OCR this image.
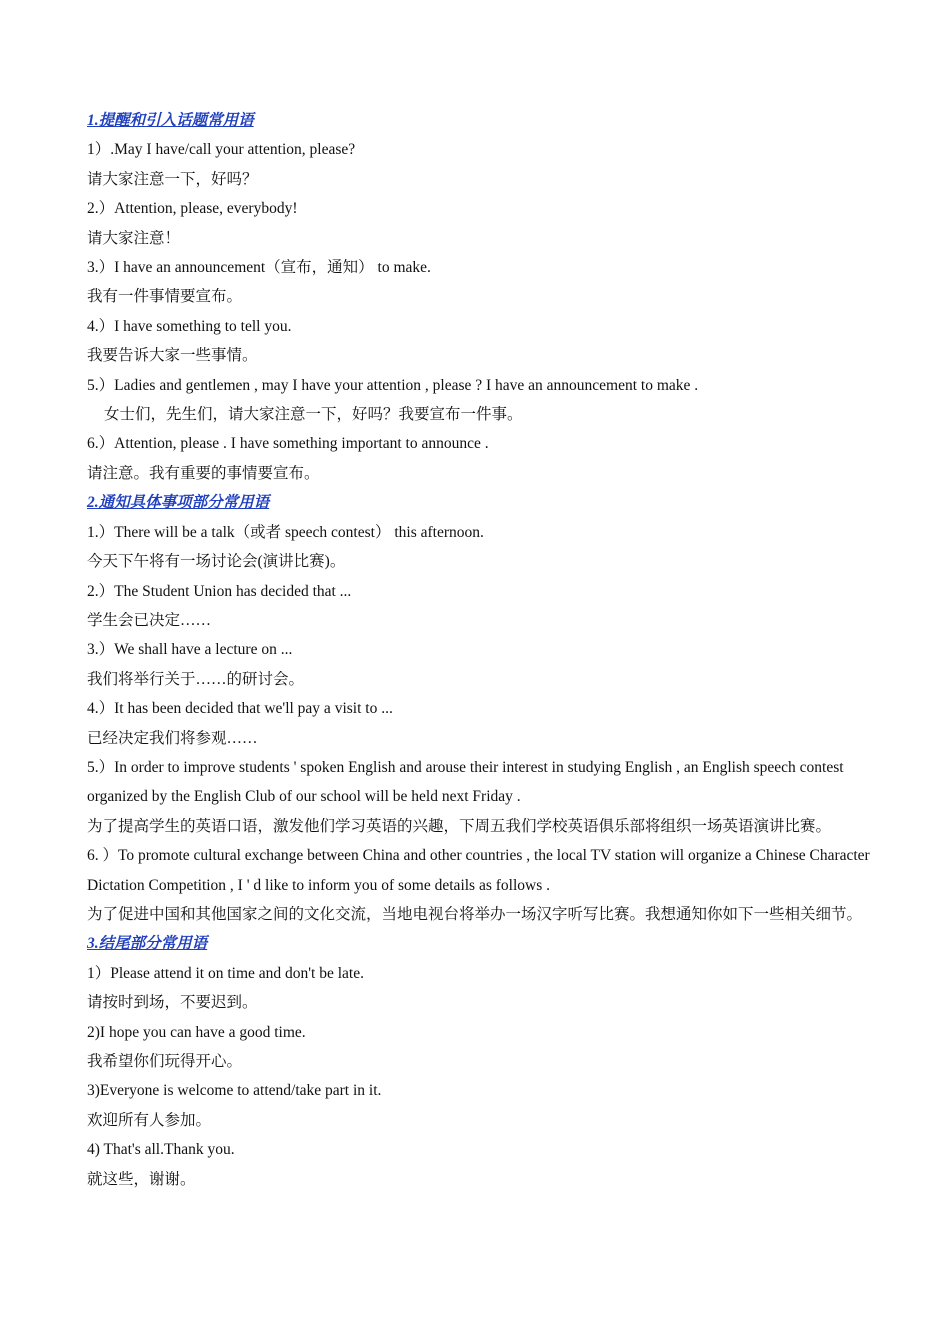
1.提醒和引入话题常用语
1）.May I have/call your attention, please?
请大家注意一下，好吗？
2.）Attention, please, everybody!
请大家注意！
3.）I have an announcement（宣布，通知） to make.
我有一件事情要宣布。
4.）I have something to tell you.
我要告诉大家一些事情。
5.）Ladies and gentlemen , may I have your attention , please ? I have an announcement to make .
女士们，先生们，请大家注意一下，好吗？我要宣布一件事。
6.）Attention, please . I have something important to announce .
请注意。我有重要的事情要宣布。
2.通知具体事项部分常用语
1.）There will be a talk（或者 speech contest） this afternoon.
今天下午将有一场讨论会(演讲比赛)。
2.）The Student Union has decided that ...
学生会已决定……
3.）We shall have a lecture on ...
我们将举行关于……的研讨会。
4.）It has been decided that we'll pay a visit to ...
已经决定我们将参观……
5.）In order to improve students ' spoken English and arouse their interest in studying English , an English speech contest organized by the English Club of our school will be held next Friday .
为了提高学生的英语口语，激发他们学习英语的兴趣，下周五我们学校英语俱乐部将组织一场英语演讲比赛。
6. ）To promote cultural exchange between China and other countries , the local TV station will organize a Chinese Character Dictation Competition , I ' d like to inform you of some details as follows .
为了促进中国和其他国家之间的文化交流，当地电视台将举办一场汉字听写比赛。我想通知你如下一些相关细节。
3.结尾部分常用语
1）Please attend it on time and don't be late.
请按时到场，不要迟到。
2)I hope you can have a good time.
我希望你们玩得开心。
3)Everyone is welcome to attend/take part in it.
欢迎所有人参加。
4) That's all.Thank you.
就这些，谢谢。
